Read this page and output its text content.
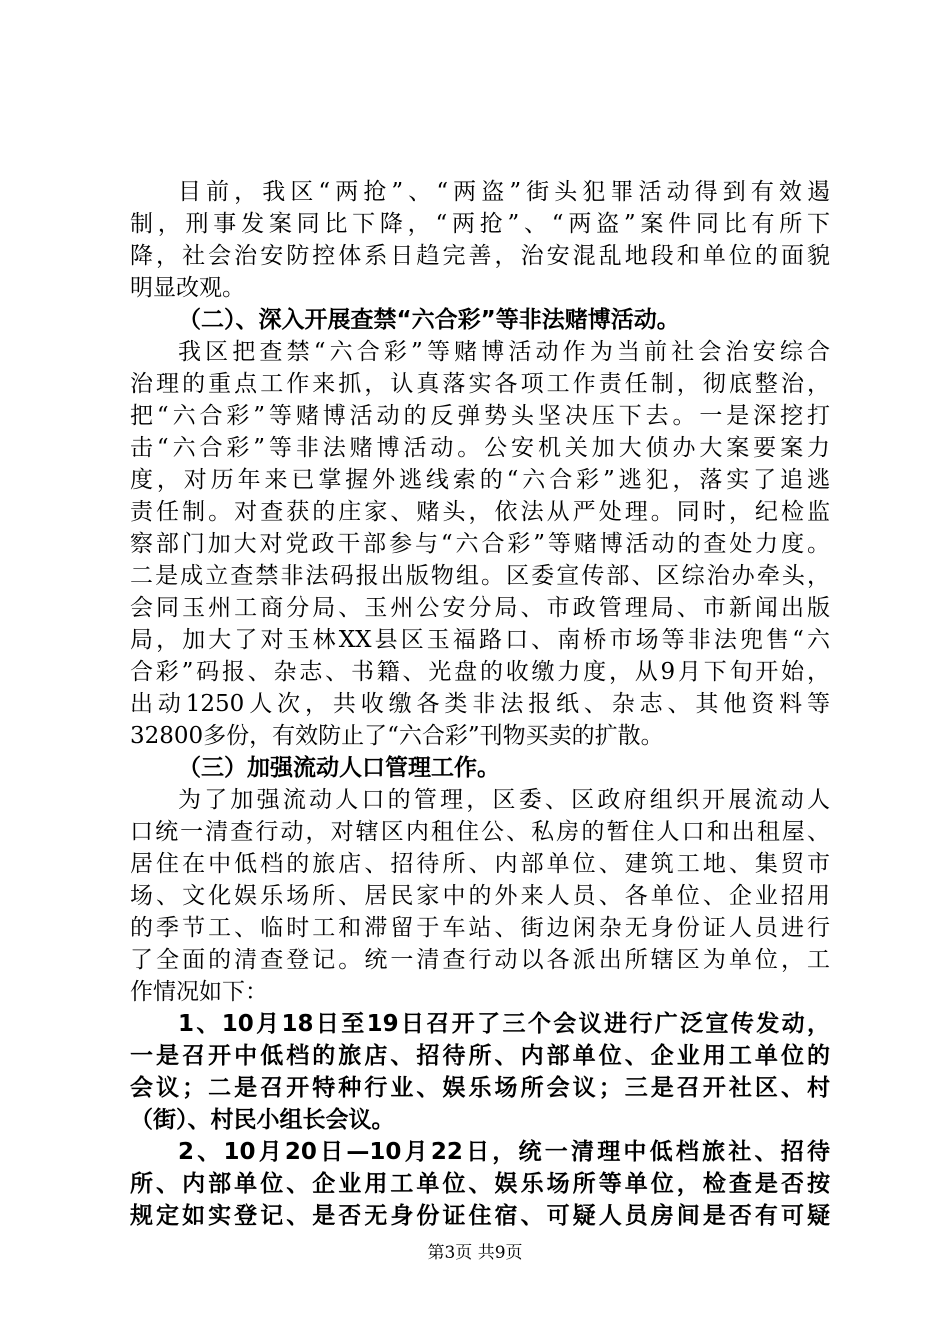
目前，我区“两抢”、“两盗”街头犯罪活动得到有效遏
制，刑事发案同比下降，“两抢”、“两盗”案件同比有所下
降，社会治安防控体系日趋完善，治安混乱地段和单位的面貌
明显改观。
（二）、深入开展查禁“六合彩”等非法赌博活动。
我区把查禁“六合彩”等赌博活动作为当前社会治安综合
治理的重点工作来抓，认真落实各项工作责任制，彻底整治，
把“六合彩”等赌博活动的反弹势头坚决压下去。一是深挖打
击“六合彩”等非法赌博活动。公安机关加大侦办大案要案力
度，对历年来已掌握外逃线索的“六合彩”逃犯，落实了追逃
责任制。对查获的庄家、赌头，依法从严处理。同时，纪检监
察部门加大对党政干部参与“六合彩”等赌博活动的查处力度。
二是成立查禁非法码报出版物组。区委宣传部、区综治办牵头，
会同玉州工商分局、玉州公安分局、市政管理局、市新闻出版
局，加大了对玉林XX县区玉福路口、南桥市场等非法兜售“六
合彩”码报、杂志、书籍、光盘的收缴力度，从9月下旬开始，
出动1250人次，共收缴各类非法报纸、杂志、其他资料等
32800多份，有效防止了“六合彩”刊物买卖的扩散。
（三）加强流动人口管理工作。
为了加强流动人口的管理，区委、区政府组织开展流动人
口统一清查行动，对辖区内租住公、私房的暂住人口和出租屋、
居住在中低档的旅店、招待所、内部单位、建筑工地、集贸市
场、文化娱乐场所、居民家中的外来人员、各单位、企业招用
的季节工、临时工和滞留于车站、街边闲杂无身份证人员进行
了全面的清查登记。统一清查行动以各派出所辖区为单位，工
作情况如下：
1、10月18日至19日召开了三个会议进行广泛宣传发动，
一是召开中低档的旅店、招待所、内部单位、企业用工单位的
会议；二是召开特种行业、娱乐场所会议；三是召开社区、村
（街）、村民小组长会议。
2、10月20日—10月22日，统一清理中低档旅社、招待
所、内部单位、企业用工单位、娱乐场所等单位，检查是否按
规定如实登记、是否无身份证住宿、可疑人员房间是否有可疑
第3页 共9页
